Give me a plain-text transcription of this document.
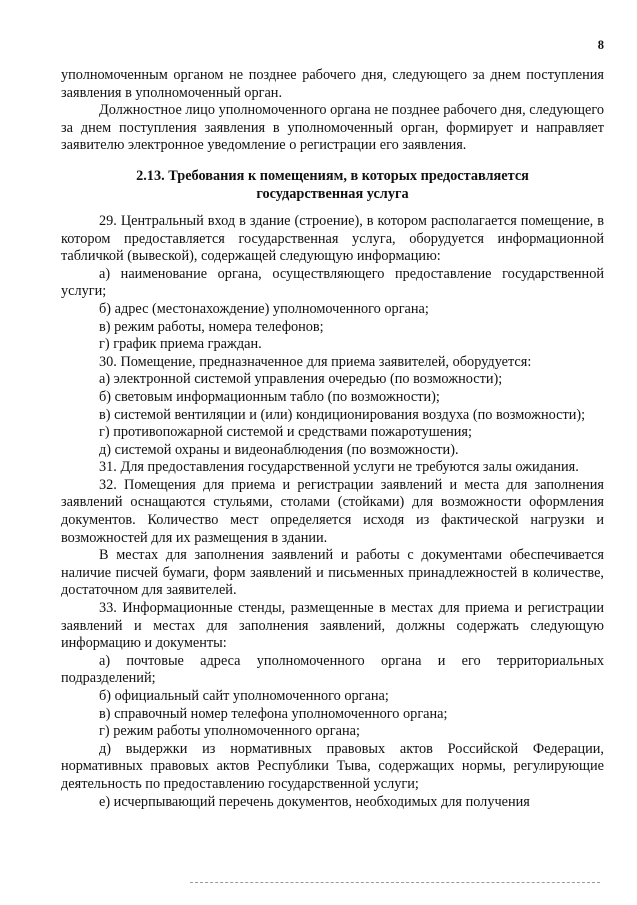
8

уполномоченным органом не позднее рабочего дня, следующего за днем поступления заявления в уполномоченный орган.

Должностное лицо уполномоченного органа не позднее рабочего дня, следующего за днем поступления заявления в уполномоченный орган, формирует и направляет заявителю электронное уведомление о регистрации его заявления.

2.13. Требования к помещениям, в которых предоставляется государственная услуга

29. Центральный вход в здание (строение), в котором располагается помещение, в котором предоставляется государственная услуга, оборудуется информационной табличкой (вывеской), содержащей следующую информацию:

а) наименование органа, осуществляющего предоставление государственной услуги;

б) адрес (местонахождение) уполномоченного органа;

в) режим работы, номера телефонов;

г) график приема граждан.

30. Помещение, предназначенное для приема заявителей, оборудуется:

а) электронной системой управления очередью (по возможности);

б) световым информационным табло (по возможности);

в) системой вентиляции и (или) кондиционирования воздуха (по возможности);

г) противопожарной системой и средствами пожаротушения;

д) системой охраны и видеонаблюдения (по возможности).

31. Для предоставления государственной услуги не требуются залы ожидания.

32. Помещения для приема и регистрации заявлений и места для заполнения заявлений оснащаются стульями, столами (стойками) для возможности оформления документов. Количество мест определяется исходя из фактической нагрузки и возможностей для их размещения в здании.

В местах для заполнения заявлений и работы с документами обеспечивается наличие писчей бумаги, форм заявлений и письменных принадлежностей в количестве, достаточном для заявителей.

33. Информационные стенды, размещенные в местах для приема и регистрации заявлений и местах для заполнения заявлений, должны содержать следующую информацию и документы:

а) почтовые адреса уполномоченного органа и его территориальных подразделений;

б) официальный сайт уполномоченного органа;

в) справочный номер телефона уполномоченного органа;

г) режим работы уполномоченного органа;

д) выдержки из нормативных правовых актов Российской Федерации, нормативных правовых актов Республики Тыва, содержащих нормы, регулирующие деятельность по предоставлению государственной услуги;

е) исчерпывающий перечень документов, необходимых для получения
